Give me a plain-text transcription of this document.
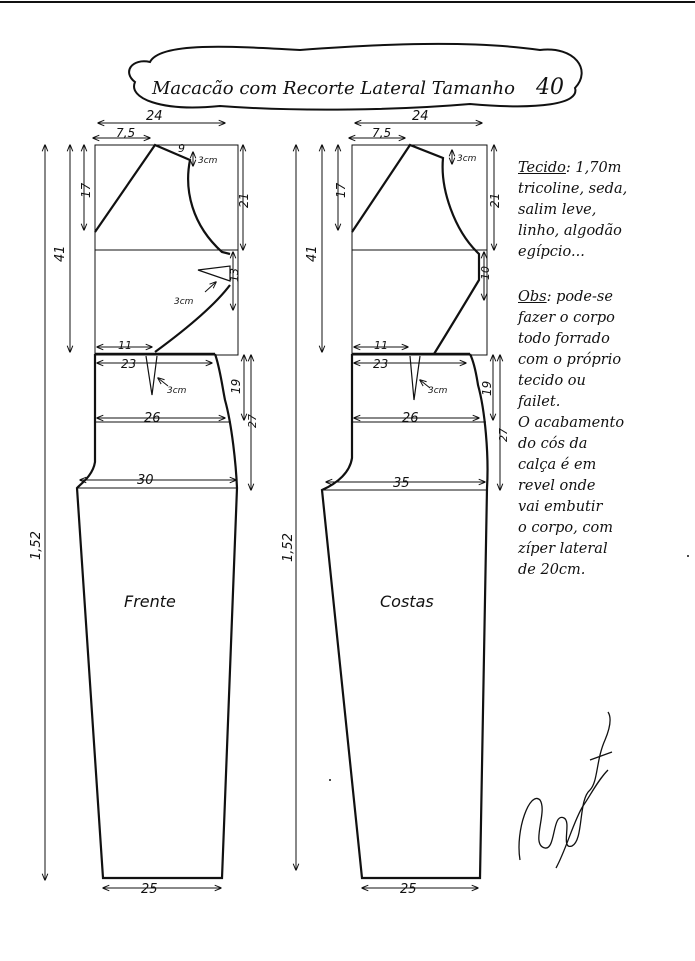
Macacão com Recorte Lateral Tamanho 40
24
7,5
9
3cm
41
17
21
13
3cm
11
23
3cm
26
19
27
30
1,52
25
Frente
24
7,5
3cm
41
17
21
10
11
23
3cm
26
19
27
35
1,52
25
Costas

Tecido: 1,70m
tricoline, seda,
salim leve,
linho, algodão
egípcio...

Obs: pode-se
fazer o corpo
todo forrado
com o próprio
tecido ou
failet.

O acabamento
do cós da
calça é em
revel onde
vai embutir
o corpo, com
zíper lateral
de 20cm.
